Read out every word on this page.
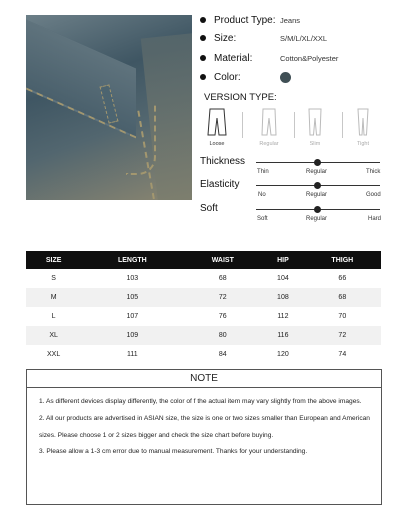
Product Type: Jeans
Size:	S/M/L/XL/XXL
Material:	Cotton&Polyester
Color:
VERSION TYPE:
Loose	Regular	Slim	Tight
Thickness
Thin	Regular	Thick
Elasticity
No	Regular	Good
Soft
Soft	Regular	Hard
SIZE	LENGTH	WAIST	HIP	THIGH
S	103	68	104	66
M	105	72	108	68
L	107	76	112	70
XL	109	80	116	72
XXL	111	84	120	74
NOTE

1. As different devices display differently, the color of f the actual item may vary slightly from the above images.

2. All our products are advertised in ASIAN size, the size is one or two sizes smaller than European and American sizes. Please choose 1 or 2 sizes bigger and check the size chart before buying.

3. Please allow a 1-3 cm error due to manual measurement. Thanks for your understanding.
